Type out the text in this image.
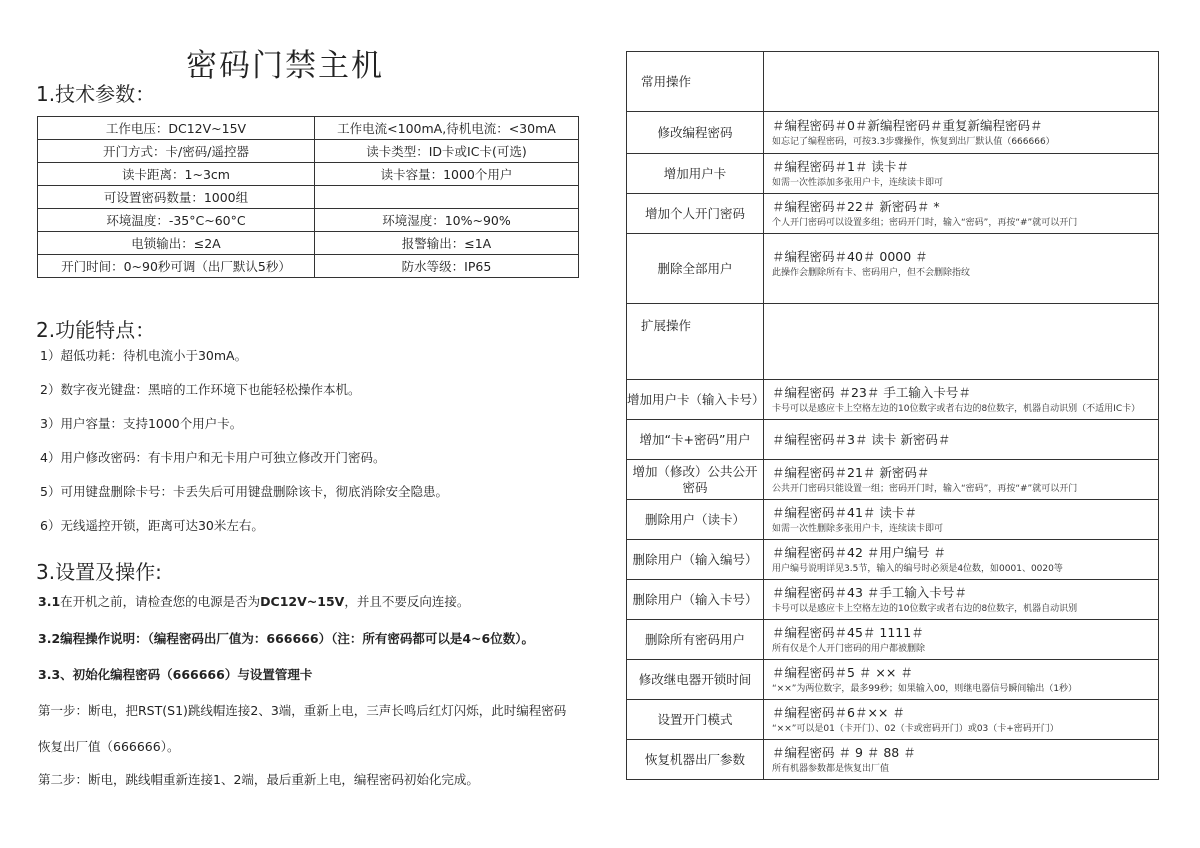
密码门禁主机
1.技术参数：
工作电压：DC12V~15V	工作电流<100mA,待机电流：<30mA
开门方式：卡/密码/遥控器	读卡类型：ID卡或IC卡(可选)
读卡距离：1~3cm	读卡容量：1000个用户
可设置密码数量：1000组	
环境温度：-35°C~60°C	环境湿度：10%~90%
电锁输出：≤2A	报警输出：≤1A
开门时间：0~90秒可调（出厂默认5秒）	防水等级：IP65
2.功能特点：

1）超低功耗：待机电流小于30mA。

2）数字夜光键盘：黑暗的工作环境下也能轻松操作本机。

3）用户容量：支持1000个用户卡。

4）用户修改密码：有卡用户和无卡用户可独立修改开门密码。

5）可用键盘删除卡号：卡丢失后可用键盘删除该卡，彻底消除安全隐患。

6）无线遥控开锁，距离可达30米左右。

3.设置及操作:
3.1在开机之前，请检查您的电源是否为DC12V~15V，并且不要反向连接。
3.2编程操作说明：（编程密码出厂值为：666666）（注：所有密码都可以是4~6位数）。
3.3、初始化编程密码（666666）与设置管理卡
第一步：断电，把RST(S1)跳线帽连接2、3端，重新上电，三声长鸣后红灯闪烁，此时编程密码
恢复出厂值（666666）。
第二步：断电，跳线帽重新连接1、2端，最后重新上电，编程密码初始化完成。
常用操作	
修改编程密码	＃编程密码＃0＃新编程密码＃重复新编程密码＃
如忘记了编程密码，可按3.3步骤操作，恢复到出厂默认值（666666）

增加用户卡	＃编程密码＃1＃ 读卡＃
如需一次性添加多张用户卡，连续读卡即可

增加个人开门密码	＃编程密码＃22＃ 新密码＃ *
个人开门密码可以设置多组；密码开门时，输入“密码”，再按“#”就可以开门

删除全部用户	＃编程密码＃40＃ 0000 ＃
此操作会删除所有卡、密码用户，但不会删除指纹

扩展操作	
增加用户卡（输入卡号）	＃编程密码 ＃23＃ 手工输入卡号＃
卡号可以是感应卡上空格左边的10位数字或者右边的8位数字，机器自动识别（不适用IC卡）

增加“卡+密码”用户	＃编程密码＃3＃ 读卡 新密码＃

增加（修改）公共公开密码	＃编程密码＃21＃ 新密码＃
公共开门密码只能设置一组；密码开门时，输入“密码”，再按“#”就可以开门

删除用户（读卡）	＃编程密码＃41＃ 读卡＃
如需一次性删除多张用户卡，连续读卡即可

删除用户（输入编号）	＃编程密码＃42 ＃用户编号 ＃
用户编号说明详见3.5节，输入的编号时必须是4位数，如0001、0020等

删除用户（输入卡号）	＃编程密码＃43 ＃手工输入卡号＃
卡号可以是感应卡上空格左边的10位数字或者右边的8位数字，机器自动识别

删除所有密码用户	＃编程密码＃45＃ 1111＃
所有仅是个人开门密码的用户都被删除

修改继电器开锁时间	＃编程密码＃5 ＃ ×× ＃
“××”为两位数字，最多99秒；如果输入00，则继电器信号瞬间输出（1秒）

设置开门模式	＃编程密码＃6＃×× ＃
“××”可以是01（卡开门）、02（卡或密码开门）或03（卡+密码开门）

恢复机器出厂参数	＃编程密码 ＃ 9 ＃ 88 ＃
所有机器参数都是恢复出厂值
